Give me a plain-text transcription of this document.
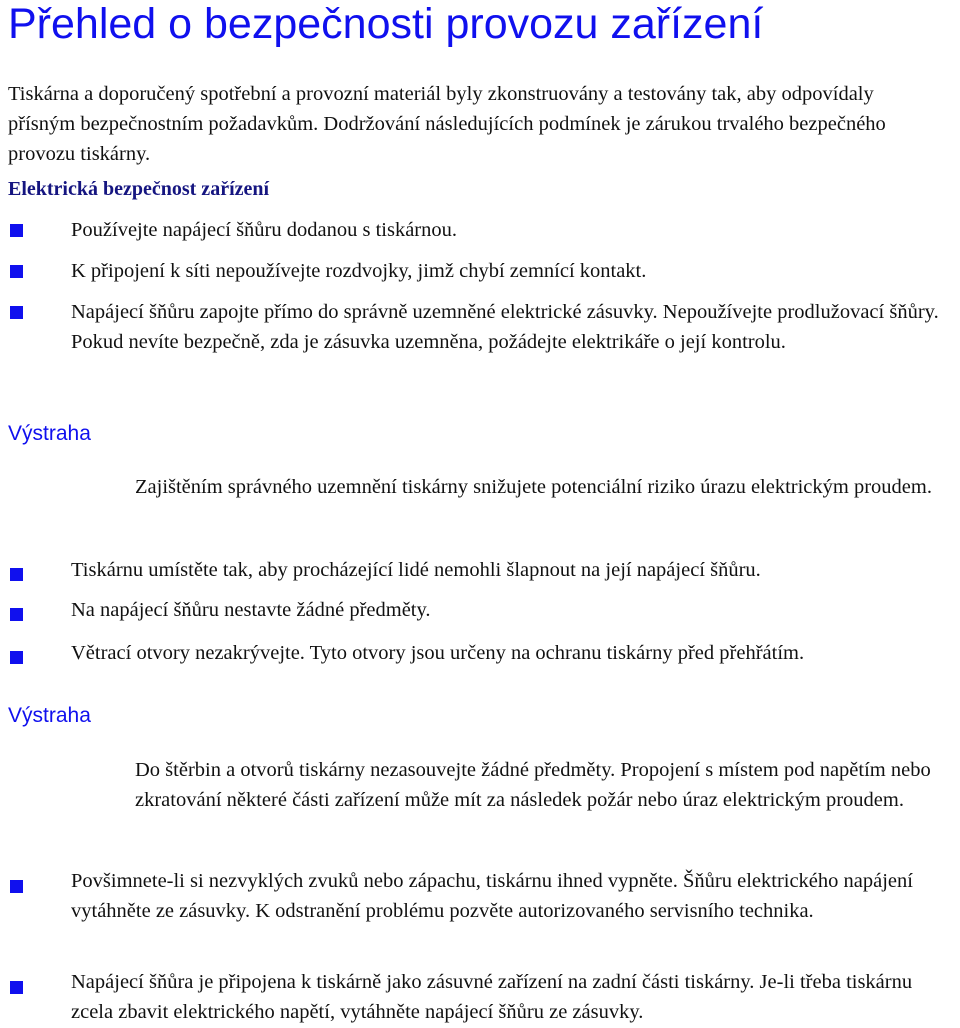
Přehled o bezpečnosti provozu zařízení

Tiskárna a doporučený spotřební a provozní materiál byly zkonstruovány a testovány tak, aby odpovídaly přísným bezpečnostním požadavkům. Dodržování následujících podmínek je zárukou trvalého bezpečného provozu tiskárny.

Elektrická bezpečnost zařízení

Používejte napájecí šňůru dodanou s tiskárnou.

K připojení k síti nepoužívejte rozdvojky, jimž chybí zemnící kontakt.

Napájecí šňůru zapojte přímo do správně uzemněné elektrické zásuvky. Nepoužívejte prodlužovací šňůry. Pokud nevíte bezpečně, zda je zásuvka uzemněna, požádejte elektrikáře o její kontrolu.

Výstraha

Zajištěním správného uzemnění tiskárny snižujete potenciální riziko úrazu elektrickým proudem.

Tiskárnu umístěte tak, aby procházející lidé nemohli šlapnout na její napájecí šňůru.

Na napájecí šňůru nestavte žádné předměty.

Větrací otvory nezakrývejte. Tyto otvory jsou určeny na ochranu tiskárny před přehřátím.

Výstraha

Do štěrbin a otvorů tiskárny nezasouvejte žádné předměty. Propojení s místem pod napětím nebo zkratování některé části zařízení může mít za následek požár nebo úraz elektrickým proudem.

Povšimnete-li si nezvyklých zvuků nebo zápachu, tiskárnu ihned vypněte. Šňůru elektrického napájení vytáhněte ze zásuvky. K odstranění problému pozvěte autorizovaného servisního technika.

Napájecí šňůra je připojena k tiskárně jako zásuvné zařízení na zadní části tiskárny. Je-li třeba tiskárnu zcela zbavit elektrického napětí, vytáhněte napájecí šňůru ze zásuvky.
